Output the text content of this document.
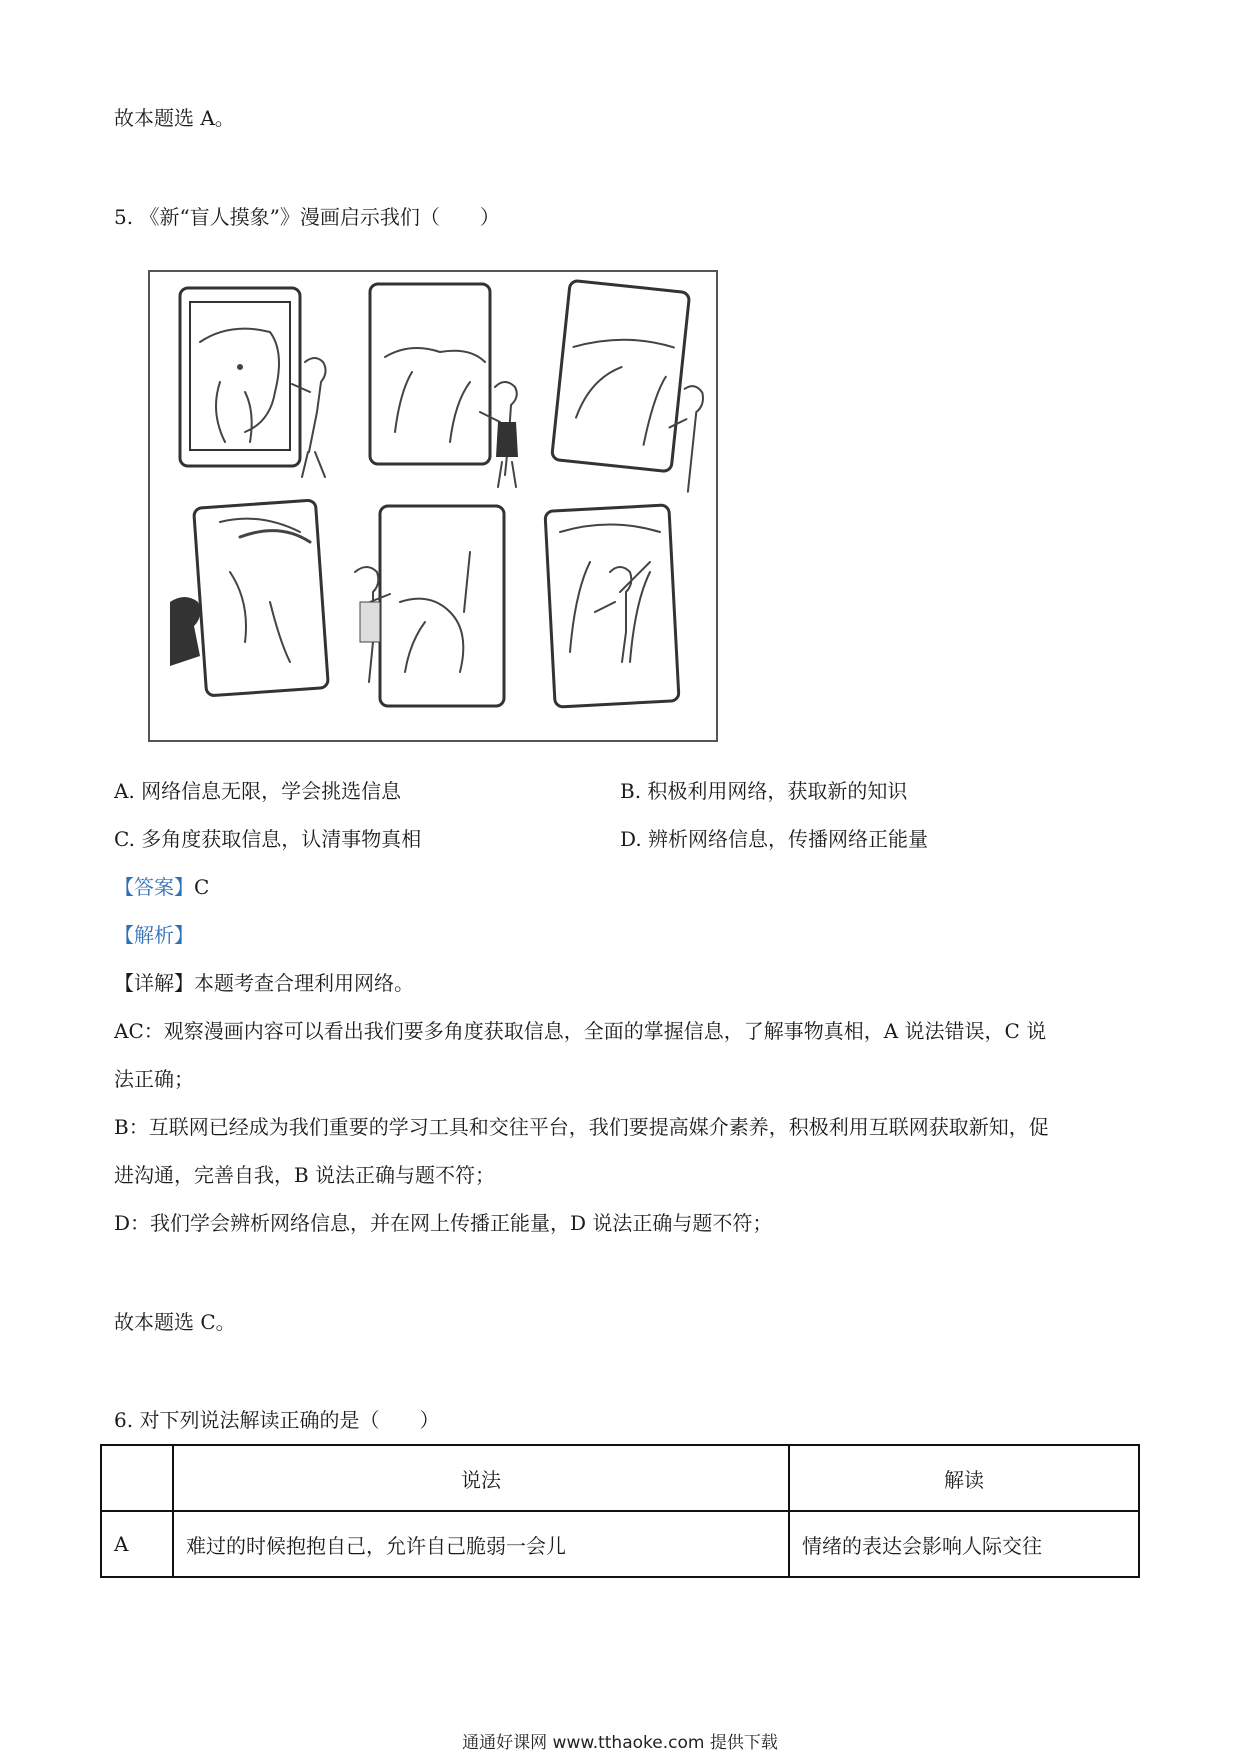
故本题选 A。
5. 《新“盲人摸象”》漫画启示我们（　　）
A. 网络信息无限，学会挑选信息	B. 积极利用网络，获取新的知识
C. 多角度获取信息，认清事物真相	D. 辨析网络信息，传播网络正能量
【答案】C
【解析】
【详解】本题考查合理利用网络。
AC：观察漫画内容可以看出我们要多角度获取信息，全面的掌握信息，了解事物真相，A 说法错误，C 说
法正确；
B：互联网已经成为我们重要的学习工具和交往平台，我们要提高媒介素养，积极利用互联网获取新知，促
进沟通，完善自我，B 说法正确与题不符；
D：我们学会辨析网络信息，并在网上传播正能量，D 说法正确与题不符；
故本题选 C。
6. 对下列说法解读正确的是（　　）
	说法	解读
A	难过的时候抱抱自己，允许自己脆弱一会儿	情绪的表达会影响人际交往
通通好课网 www.tthaoke.com 提供下载
